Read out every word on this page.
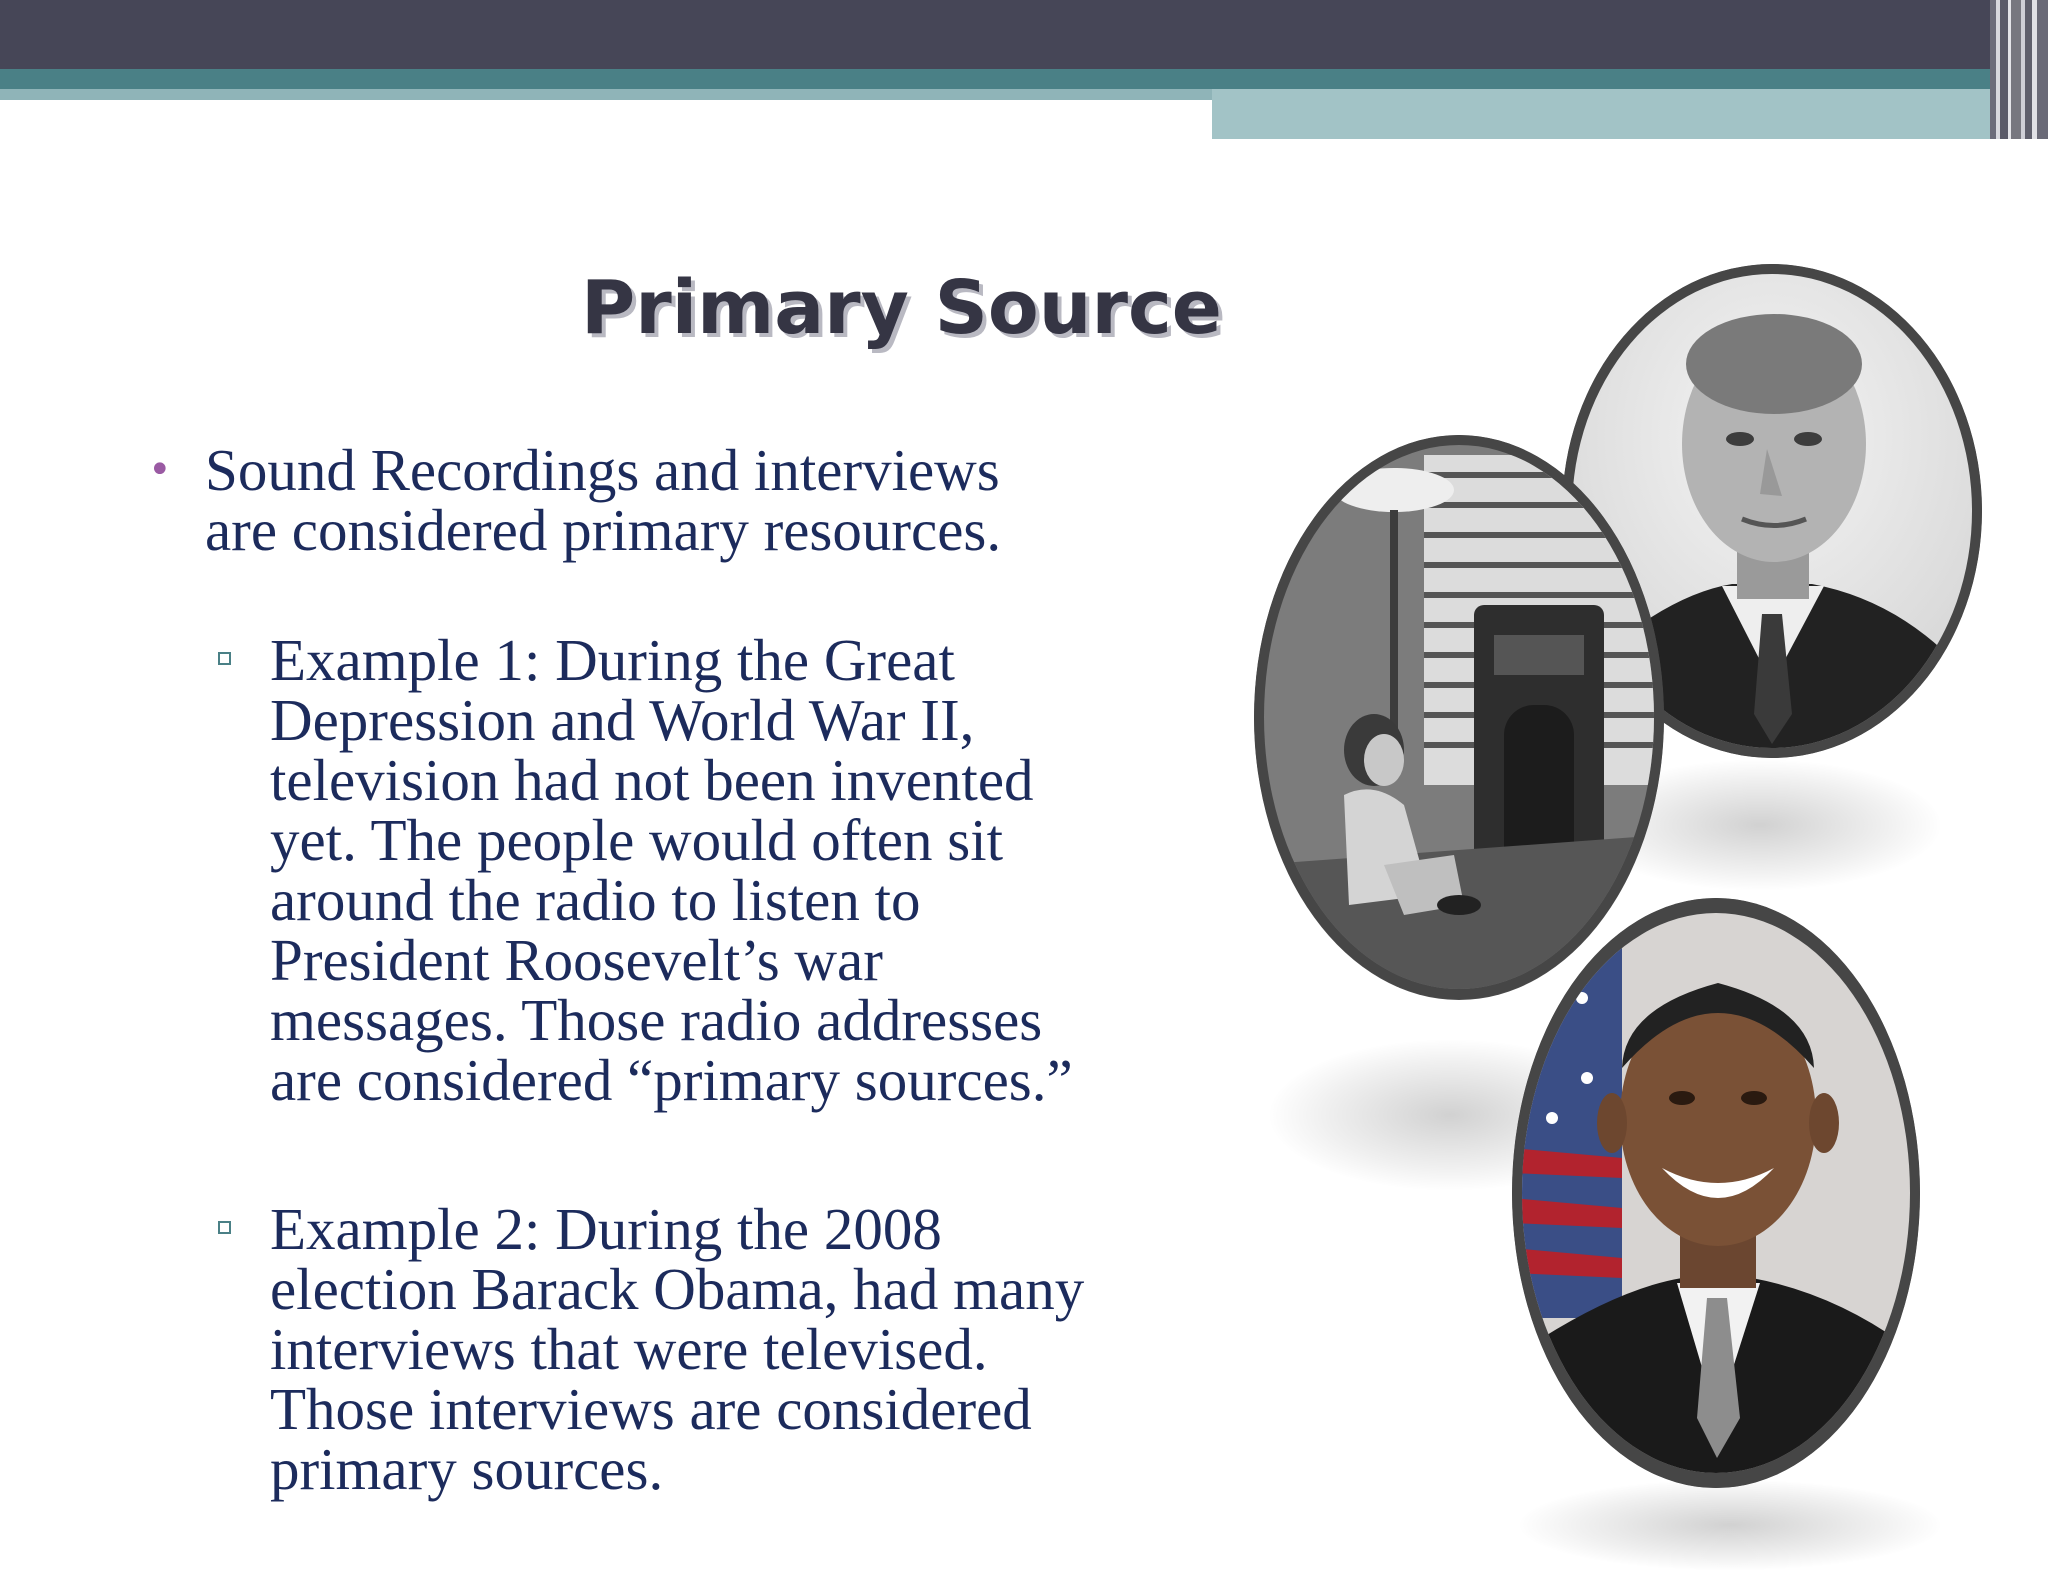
Primary Source
• Sound Recordings and interviews
are considered primary resources.
Example 1: During the Great
Depression and World War II,
television had not been invented
yet. The people would often sit
around the radio to listen to
President Roosevelt’s war
messages. Those radio addresses
are considered “primary sources.”
Example 2: During the 2008
election Barack Obama, had many
interviews that were televised.
Those interviews are considered
primary sources.
